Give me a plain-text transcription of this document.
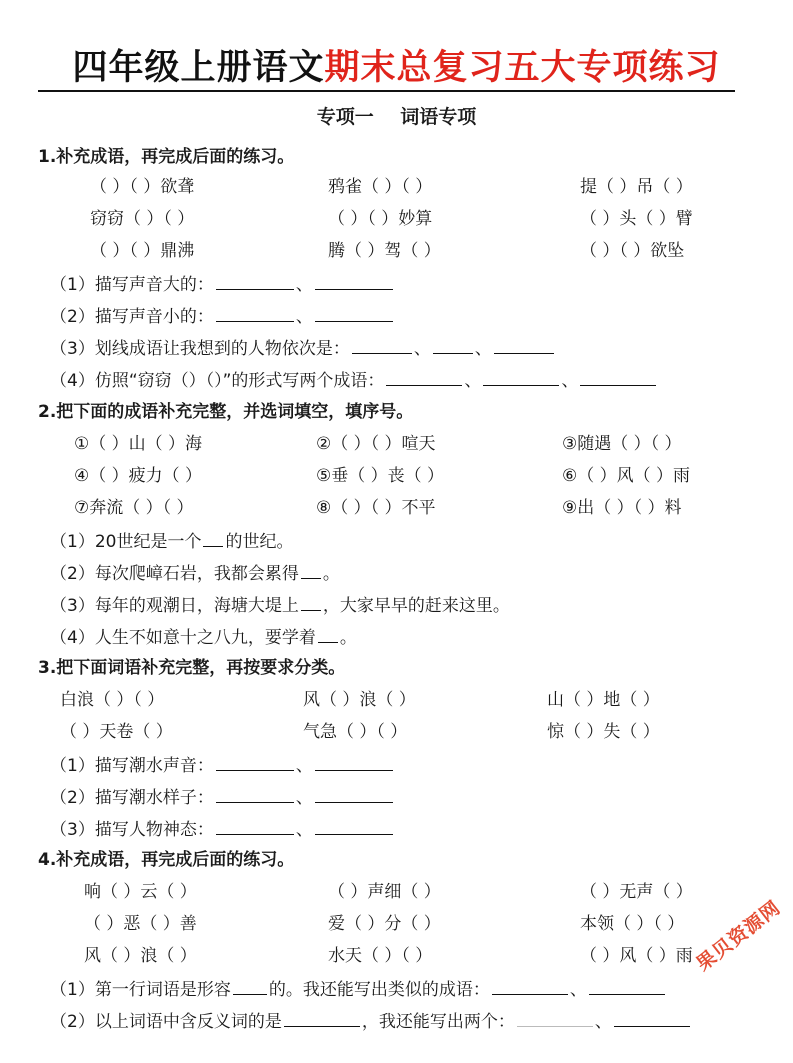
四年级上册语文期末总复习五大专项练习
专项一    词语专项
1.补充成语，再完成后面的练习。
（ ）（ ）欲聋	鸦雀（ ）（ ）	提（ ）吊（ ）
窃窃（ ）（ ）	（ ）（ ）妙算	（ ）头（ ）臂
（ ）（ ）鼎沸	腾（ ）驾（ ）	（ ）（ ）欲坠
（1）描写声音大的：	、
（2）描写声音小的：	、
（3）划线成语让我想到的人物依次是：	、	、
（4）仿照“窃窃（）（）”的形式写两个成语：	、	、
2.把下面的成语补充完整，并选词填空，填序号。
①（ ）山（ ）海	②（ ）（ ）喧天	③随遇（ ）（ ）
④（ ）疲力（ ）	⑤垂（ ）丧（ ）	⑥（ ）风（ ）雨
⑦奔流（ ）（ ）	⑧（ ）（ ）不平	⑨出（ ）（ ）料
（1）20世纪是一个 的世纪。
（2）每次爬嶂石岩，我都会累得 。
（3）每年的观潮日，海塘大堤上 ，大家早早的赶来这里。
（4）人生不如意十之八九，要学着 。
3.把下面词语补充完整，再按要求分类。
白浪（ ）（ ）	风（ ）浪（ ）	山（ ）地（ ）
（ ）天卷（ ）	气急（ ）（ ）	惊（ ）失（ ）
（1）描写潮水声音：	、
（2）描写潮水样子：	、
（3）描写人物神态：	、
4.补充成语，再完成后面的练习。
响（ ）云（ ）	（ ）声细（ ）	（ ）无声（ ）
（ ）恶（ ）善	爱（ ）分（ ）	本领（ ）（ ）
风（ ）浪（ ）	水天（ ）（ ）	（ ）风（ ）雨
（1）第一行词语是形容 的。我还能写出类似的成语：	、
（2）以上词语中含反义词的是	，我还能写出两个：	、
果贝资源网
